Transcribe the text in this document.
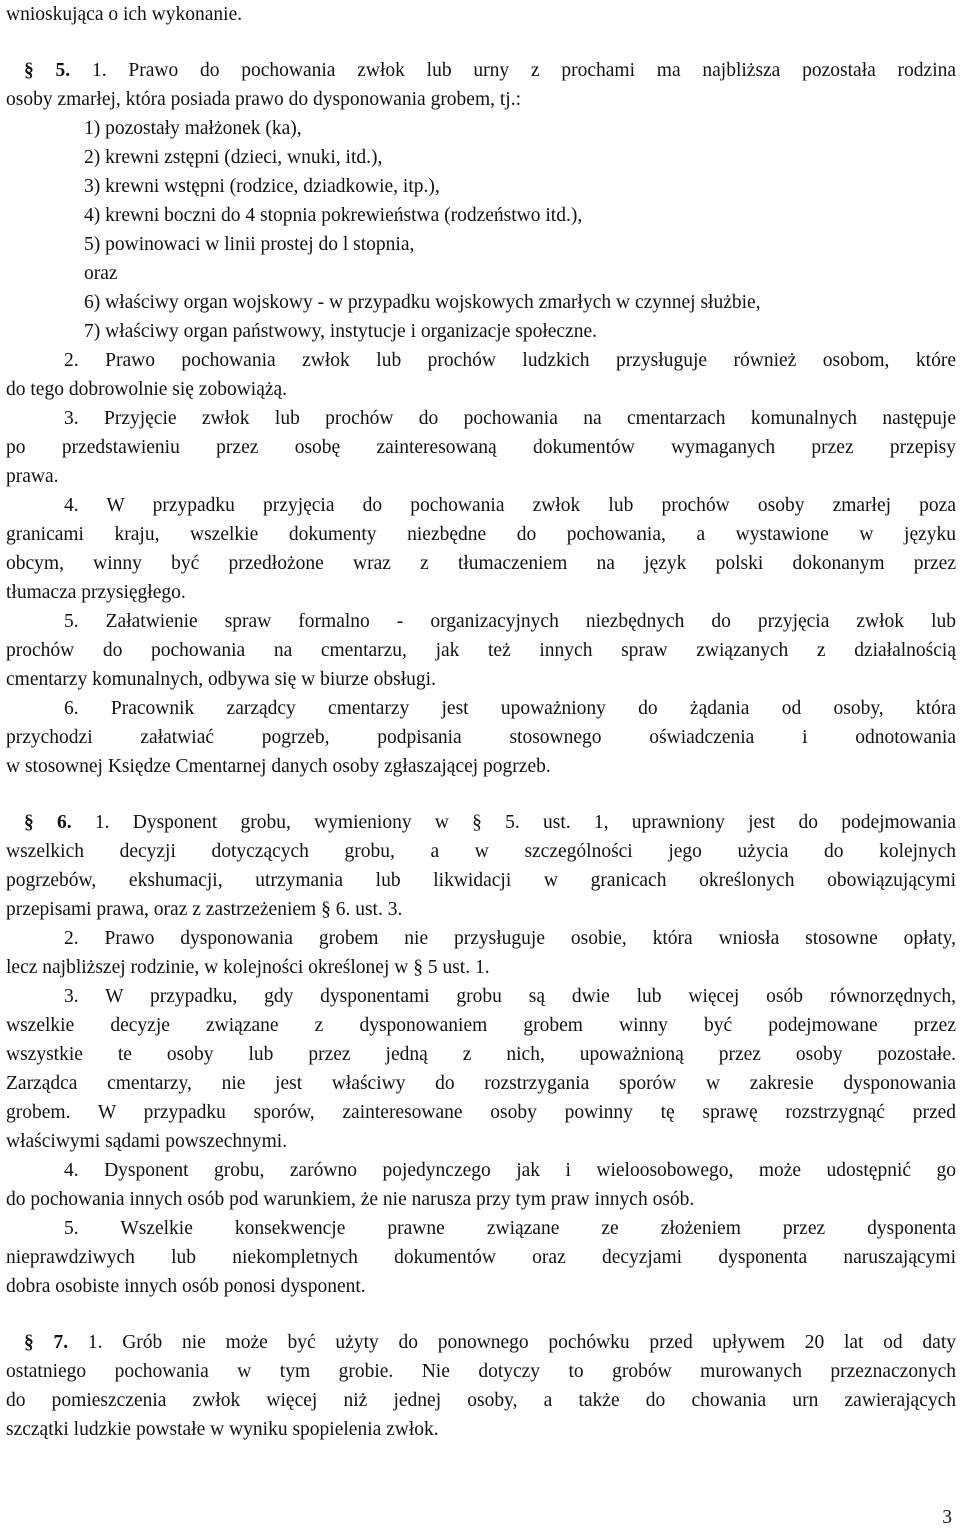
wnioskująca o ich wykonanie.
§ 5. 1. Prawo do pochowania zwłok lub urny z prochami ma najbliższa pozostała rodzina
osoby zmarłej, która posiada prawo do dysponowania grobem, tj.:
1) pozostały małżonek (ka),
2) krewni zstępni (dzieci, wnuki, itd.),
3) krewni wstępni (rodzice, dziadkowie, itp.),
4) krewni boczni do 4 stopnia pokrewieństwa (rodzeństwo itd.),
5) powinowaci w linii prostej do l stopnia,
oraz
6) właściwy organ wojskowy - w przypadku wojskowych zmarłych w czynnej służbie,
7) właściwy organ państwowy, instytucje i organizacje społeczne.
2. Prawo pochowania zwłok lub prochów ludzkich przysługuje również osobom, które
do tego dobrowolnie się zobowiążą.
3. Przyjęcie zwłok lub prochów do pochowania na cmentarzach komunalnych następuje
po przedstawieniu przez osobę zainteresowaną dokumentów wymaganych przez przepisy
prawa.
4. W przypadku przyjęcia do pochowania zwłok lub prochów osoby zmarłej poza
granicami kraju, wszelkie dokumenty niezbędne do pochowania, a wystawione w języku
obcym, winny być przedłożone wraz z tłumaczeniem na język polski dokonanym przez
tłumacza przysięgłego.
5. Załatwienie spraw formalno - organizacyjnych niezbędnych do przyjęcia zwłok lub
prochów do pochowania na cmentarzu, jak też innych spraw związanych z działalnością
cmentarzy komunalnych, odbywa się w biurze obsługi.
6. Pracownik zarządcy cmentarzy jest upoważniony do żądania od osoby, która
przychodzi załatwiać pogrzeb, podpisania stosownego oświadczenia i odnotowania
w stosownej Księdze Cmentarnej danych osoby zgłaszającej pogrzeb.
§ 6. 1. Dysponent grobu, wymieniony w § 5. ust. 1, uprawniony jest do podejmowania
wszelkich decyzji dotyczących grobu, a w szczególności jego użycia do kolejnych
pogrzebów, ekshumacji, utrzymania lub likwidacji w granicach określonych obowiązującymi
przepisami prawa, oraz z zastrzeżeniem § 6. ust. 3.
2. Prawo dysponowania grobem nie przysługuje osobie, która wniosła stosowne opłaty,
lecz najbliższej rodzinie, w kolejności określonej w § 5 ust. 1.
3. W przypadku, gdy dysponentami grobu są dwie lub więcej osób równorzędnych,
wszelkie decyzje związane z dysponowaniem grobem winny być podejmowane przez
wszystkie te osoby lub przez jedną z nich, upoważnioną przez osoby pozostałe.
Zarządca cmentarzy, nie jest właściwy do rozstrzygania sporów w zakresie dysponowania
grobem. W przypadku sporów, zainteresowane osoby powinny tę sprawę rozstrzygnąć przed
właściwymi sądami powszechnymi.
4. Dysponent grobu, zarówno pojedynczego jak i wieloosobowego, może udostępnić go
do pochowania innych osób pod warunkiem, że nie narusza przy tym praw innych osób.
5. Wszelkie konsekwencje prawne związane ze złożeniem przez dysponenta
nieprawdziwych lub niekompletnych dokumentów oraz decyzjami dysponenta naruszającymi
dobra osobiste innych osób ponosi dysponent.
§ 7. 1. Grób nie może być użyty do ponownego pochówku przed upływem 20 lat od daty
ostatniego pochowania w tym grobie. Nie dotyczy to grobów murowanych przeznaczonych
do pomieszczenia zwłok więcej niż jednej osoby, a także do chowania urn zawierających
szczątki ludzkie powstałe w wyniku spopielenia zwłok.
3
